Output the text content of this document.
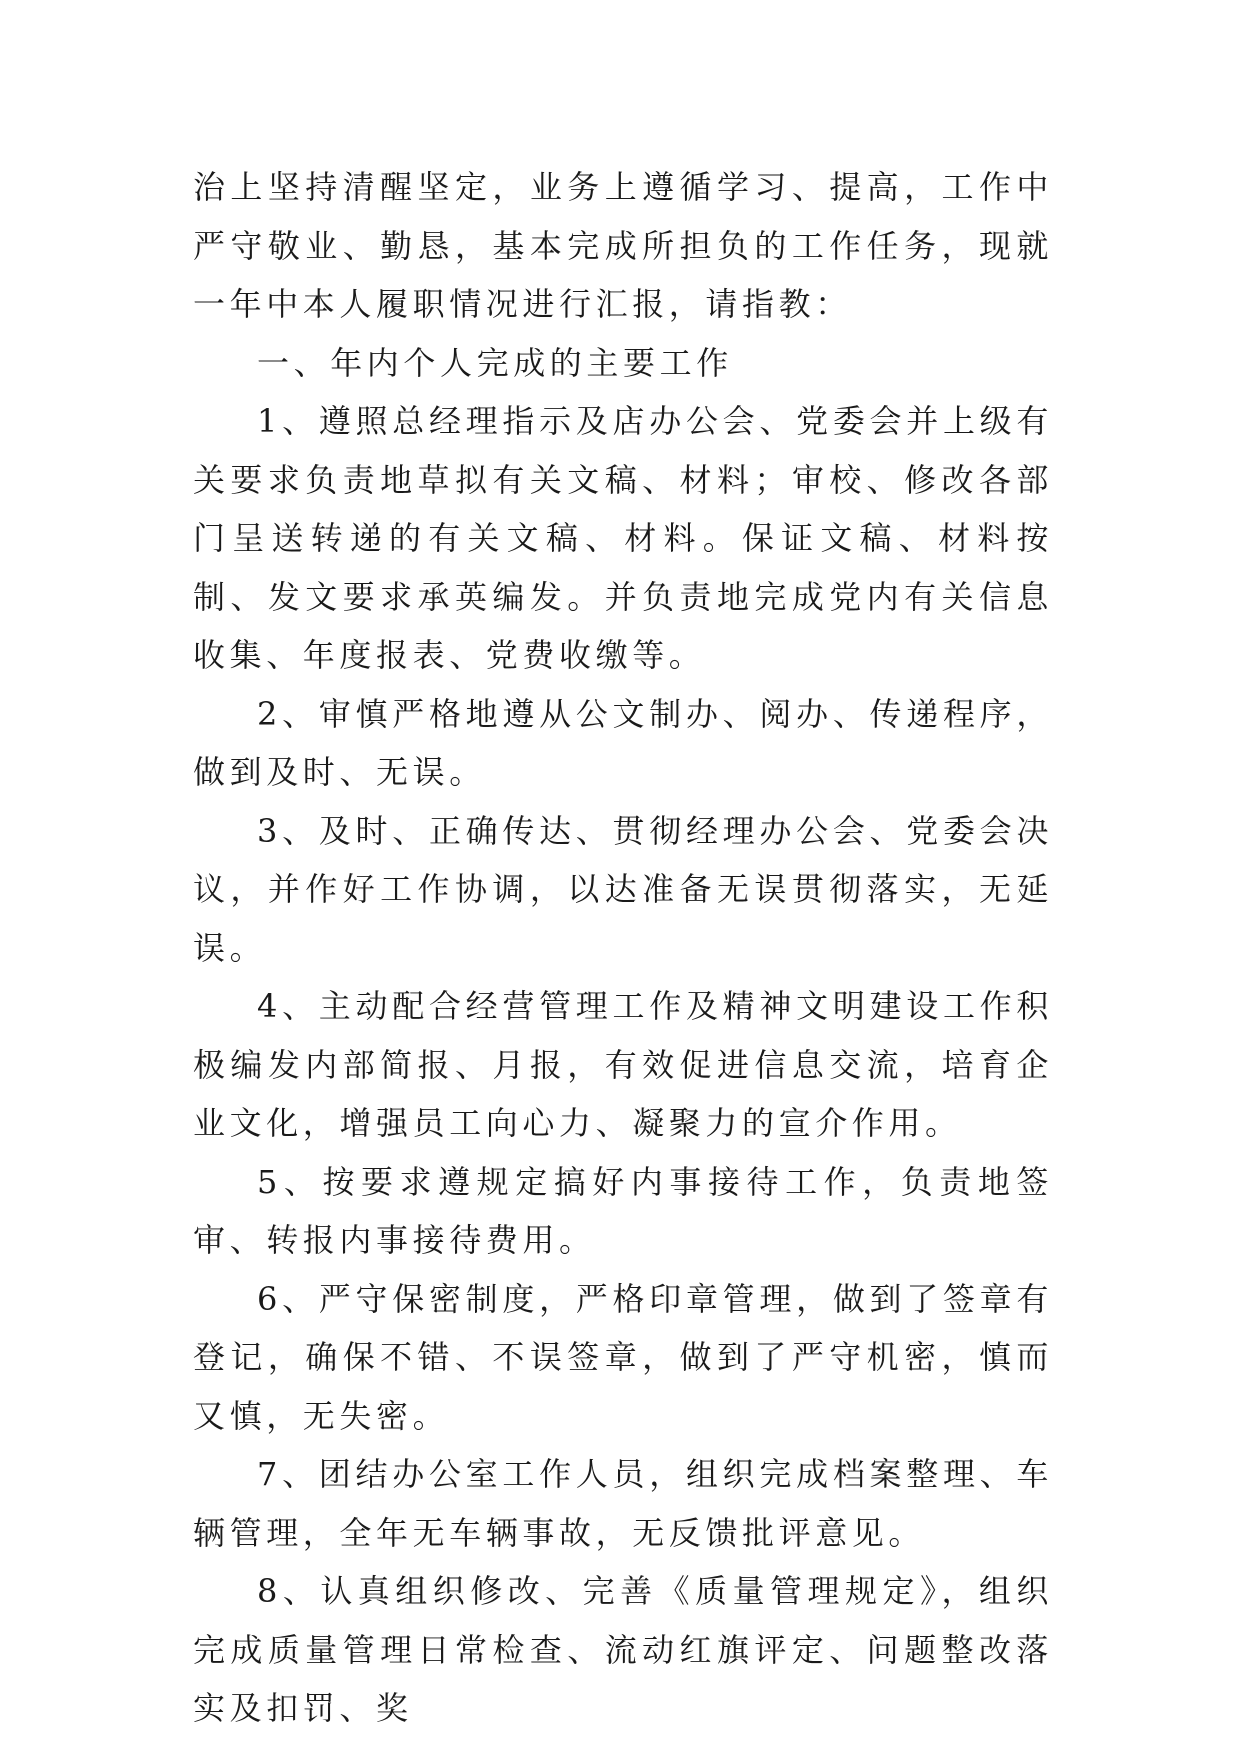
治上坚持清醒坚定，业务上遵循学习、提高，工作中严守敬业、勤恳，基本完成所担负的工作任务，现就一年中本人履职情况进行汇报，请指教：

一、年内个人完成的主要工作

1、遵照总经理指示及店办公会、党委会并上级有关要求负责地草拟有关文稿、材料；审校、修改各部门呈送转递的有关文稿、材料。保证文稿、材料按制、发文要求承英编发。并负责地完成党内有关信息收集、年度报表、党费收缴等。

2、审慎严格地遵从公文制办、阅办、传递程序，做到及时、无误。

3、及时、正确传达、贯彻经理办公会、党委会决议，并作好工作协调，以达准备无误贯彻落实，无延误。

4、主动配合经营管理工作及精神文明建设工作积极编发内部简报、月报，有效促进信息交流，培育企业文化，增强员工向心力、凝聚力的宣介作用。

5、按要求遵规定搞好内事接待工作，负责地签审、转报内事接待费用。

6、严守保密制度，严格印章管理，做到了签章有登记，确保不错、不误签章，做到了严守机密，慎而又慎，无失密。

7、团结办公室工作人员，组织完成档案整理、车辆管理，全年无车辆事故，无反馈批评意见。

8、认真组织修改、完善《质量管理规定》，组织完成质量管理日常检查、流动红旗评定、问题整改落实及扣罚、奖
